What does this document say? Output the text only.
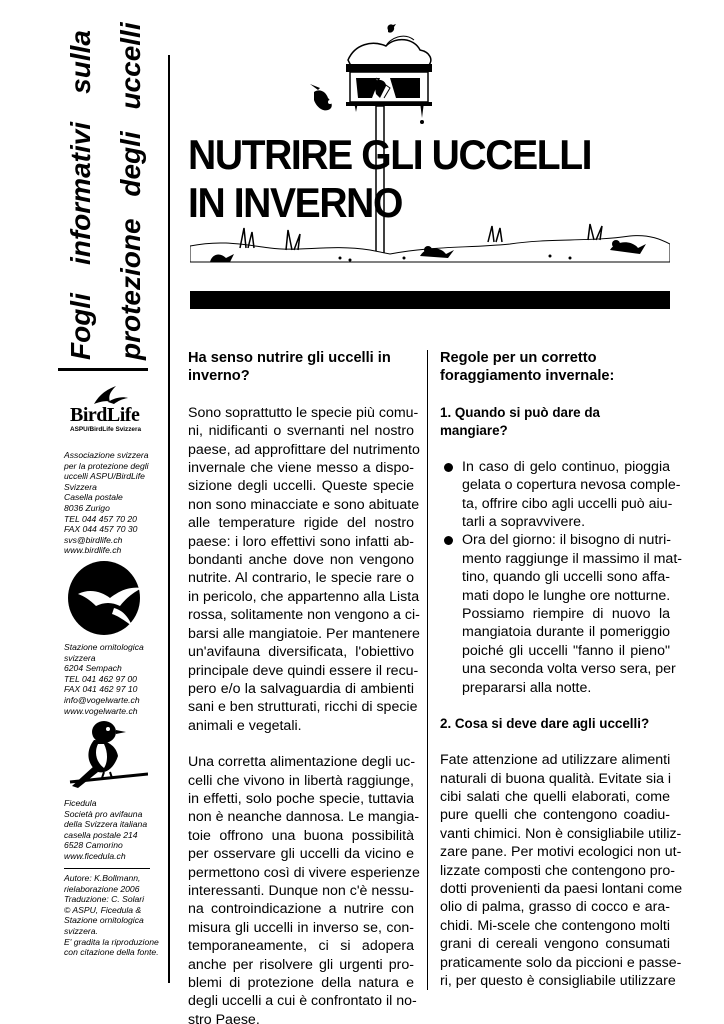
Fogli informativi sulla protezione degli uccelli
BirdLife
ASPU/BirdLife Svizzera
Associazione svizzera
per la protezione degli
uccelli ASPU/BirdLife
Svizzera
Casella postale
8036 Zurigo
TEL 044 457 70 20
FAX 044 457 70 30
svs@birdlife.ch
www.birdlife.ch
Stazione ornitologica
svizzera
6204 Sempach
TEL 041 462 97 00
FAX 041 462 97 10
info@vogelwarte.ch
www.vogelwarte.ch
Ficedula
Società pro avifauna
della Svizzera italiana
casella postale 214
6528 Camorino
www.ficedula.ch
Autore: K.Bollmann,
rielaborazione 2006
Traduzione: C. Solari
© ASPU, Ficedula &
Stazione ornitologica
svizzera.
E' gradita la riproduzione
con citazione della fonte.
NUTRIRE GLI UCCELLI
IN INVERNO
Ha senso nutrire gli uccelli in
inverno?
Sono soprattutto le specie più comu-
ni, nidificanti o svernanti nel nostro
paese, ad approfittare del nutrimento
invernale che viene messo a dispo-
sizione degli uccelli. Queste specie
non sono minacciate e sono abituate
alle temperature rigide del nostro
paese: i loro effettivi sono infatti ab-
bondanti anche dove non vengono
nutrite. Al contrario, le specie rare o
in pericolo, che appartenno alla Lista
rossa, solitamente non vengono a ci-
barsi alle mangiatoie. Per mantenere
un'avifauna diversificata, l'obiettivo
principale deve quindi essere il recu-
pero e/o la salvaguardia di ambienti
sani e ben strutturati, ricchi di specie
animali e vegetali.
Una corretta alimentazione degli uc-
celli che vivono in libertà raggiunge,
in effetti, solo poche specie, tuttavia
non è neanche dannosa. Le mangia-
toie offrono una buona possibilità
per osservare gli uccelli da vicino e
permettono così di vivere esperienze
interessanti. Dunque non c'è nessu-
na controindicazione a nutrire con
misura gli uccelli in inverso se, con-
temporaneamente, ci si adopera
anche per risolvere gli urgenti pro-
blemi di protezione della natura e
degli uccelli a cui è confrontato il no-
stro Paese.
Regole per un corretto
foraggiamento invernale:
1. Quando si può dare da
mangiare?
In caso di gelo continuo, pioggia
gelata o copertura nevosa comple-
ta, offrire cibo agli uccelli può aiu-
tarli a sopravvivere.
Ora del giorno: il bisogno di nutri-
mento raggiunge il massimo il mat-
tino, quando gli uccelli sono affa-
mati dopo le lunghe ore notturne.
Possiamo riempire di nuovo la
mangiatoia durante il pomeriggio
poiché gli uccelli "fanno il pieno"
una seconda volta verso sera, per
prepararsi alla notte.
2. Cosa si deve dare agli uccelli?
Fate attenzione ad utilizzare alimenti
naturali di buona qualità. Evitate sia i
cibi salati che quelli elaborati, come
pure quelli che contengono coadiu-
vanti chimici. Non è consigliabile utiliz-
zare pane. Per motivi ecologici non ut-
lizzate composti che contengono pro-
dotti provenienti da paesi lontani come
olio di palma, grasso di cocco e ara-
chidi. Mi-scele che contengono molti
grani di cereali vengono consumati
praticamente solo da piccioni e passe-
ri, per questo è consigliabile utilizzare
